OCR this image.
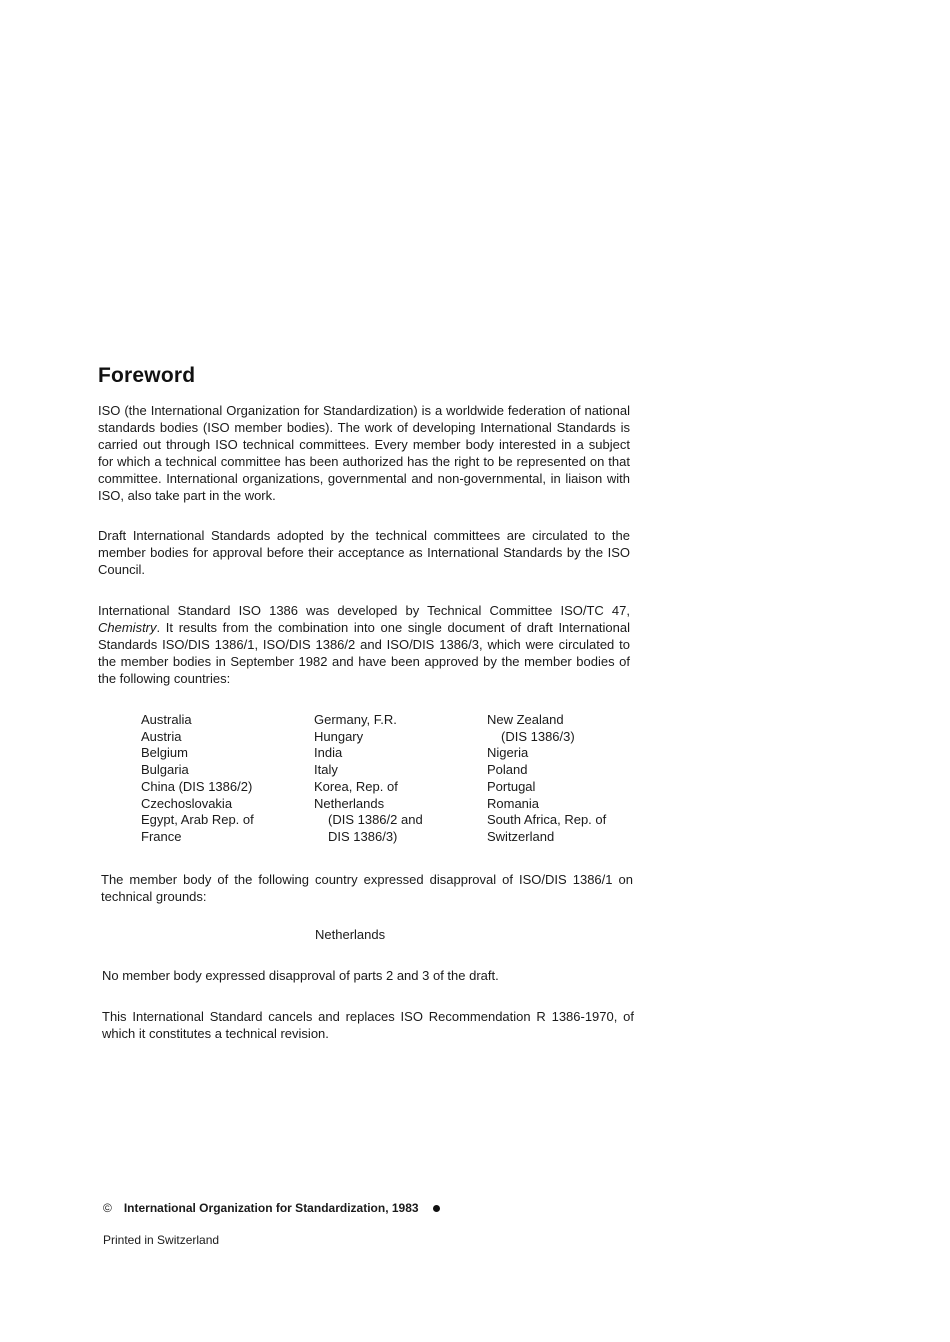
Foreword

ISO (the International Organization for Standardization) is a worldwide federation of national standards bodies (ISO member bodies). The work of developing International Standards is carried out through ISO technical committees. Every member body interested in a subject for which a technical committee has been authorized has the right to be represented on that committee. International organizations, governmental and non-governmental, in liaison with ISO, also take part in the work.

Draft International Standards adopted by the technical committees are circulated to the member bodies for approval before their acceptance as International Standards by the ISO Council.

International Standard ISO 1386 was developed by Technical Committee ISO/TC 47, Chemistry. It results from the combination into one single document of draft International Standards ISO/DIS 1386/1, ISO/DIS 1386/2 and ISO/DIS 1386/3, which were circulated to the member bodies in September 1982 and have been approved by the member bodies of the following countries:

Australia
Austria
Belgium
Bulgaria
China (DIS 1386/2)
Czechoslovakia
Egypt, Arab Rep. of
France
Germany, F.R.
Hungary
India
Italy
Korea, Rep. of
Netherlands
(DIS 1386/2 and
DIS 1386/3)
New Zealand
(DIS 1386/3)
Nigeria
Poland
Portugal
Romania
South Africa, Rep. of
Switzerland

The member body of the following country expressed disapproval of ISO/DIS 1386/1 on technical grounds:

Netherlands

No member body expressed disapproval of parts 2 and 3 of the draft.

This International Standard cancels and replaces ISO Recommendation R 1386-1970, of which it constitutes a technical revision.

© International Organization for Standardization, 1983
Printed in Switzerland
